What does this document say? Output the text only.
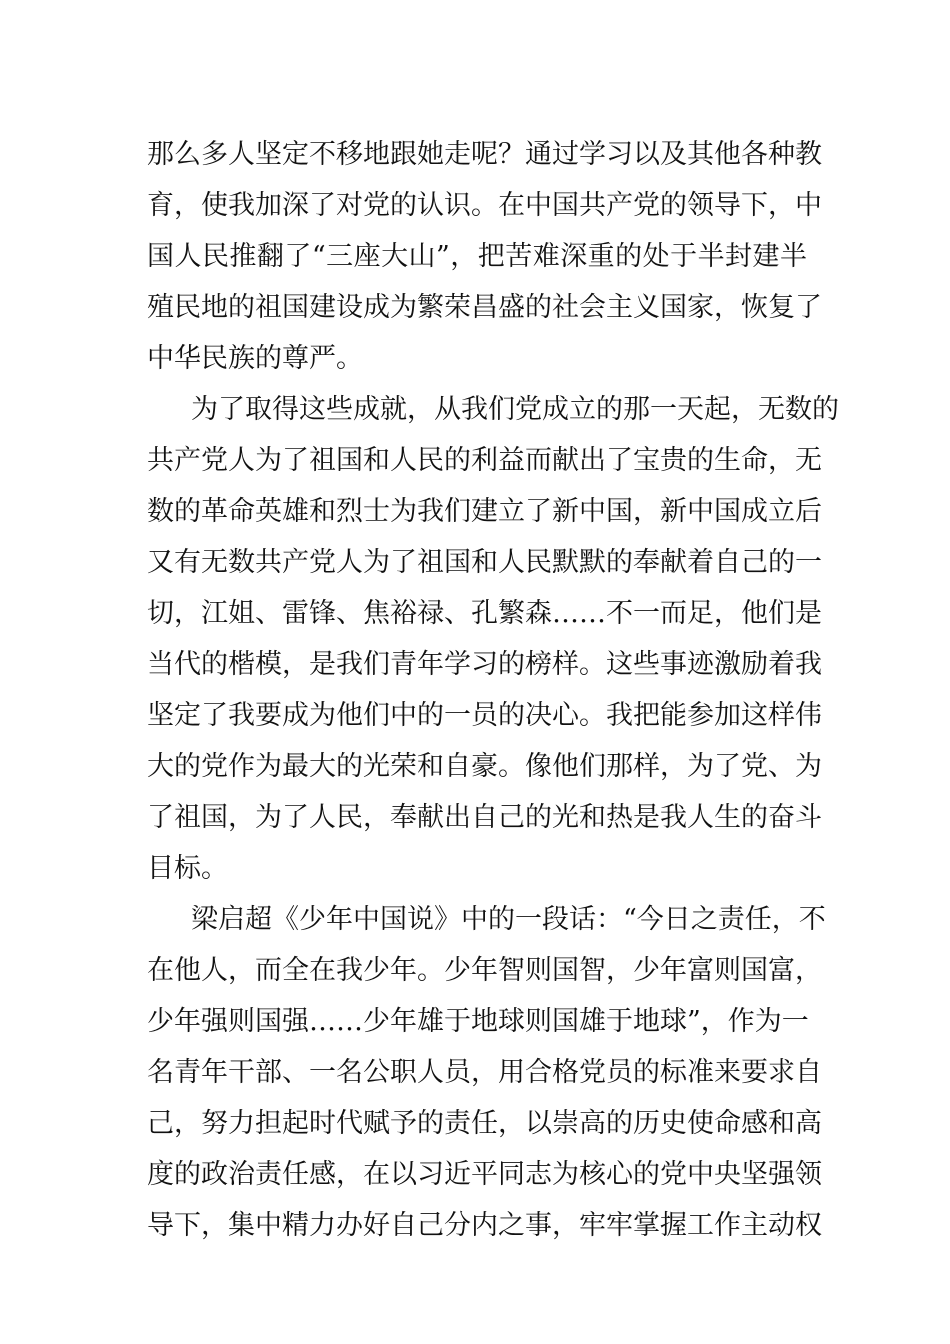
那么多人坚定不移地跟她走呢？通过学习以及其他各种教
育，使我加深了对党的认识。在中国共产党的领导下，中
国人民推翻了“三座大山”，把苦难深重的处于半封建半
殖民地的祖国建设成为繁荣昌盛的社会主义国家，恢复了
中华民族的尊严。
为了取得这些成就，从我们党成立的那一天起，无数的
共产党人为了祖国和人民的利益而献出了宝贵的生命，无
数的革命英雄和烈士为我们建立了新中国，新中国成立后
又有无数共产党人为了祖国和人民默默的奉献着自己的一
切，江姐、雷锋、焦裕禄、孔繁森……不一而足，他们是
当代的楷模，是我们青年学习的榜样。这些事迹激励着我
坚定了我要成为他们中的一员的决心。我把能参加这样伟
大的党作为最大的光荣和自豪。像他们那样，为了党、为
了祖国，为了人民，奉献出自己的光和热是我人生的奋斗
目标。
梁启超《少年中国说》中的一段话：“今日之责任，不
在他人，而全在我少年。少年智则国智，少年富则国富，
少年强则国强……少年雄于地球则国雄于地球”，作为一
名青年干部、一名公职人员，用合格党员的标准来要求自
己，努力担起时代赋予的责任，以崇高的历史使命感和高
度的政治责任感，在以习近平同志为核心的党中央坚强领
导下，集中精力办好自己分内之事，牢牢掌握工作主动权
